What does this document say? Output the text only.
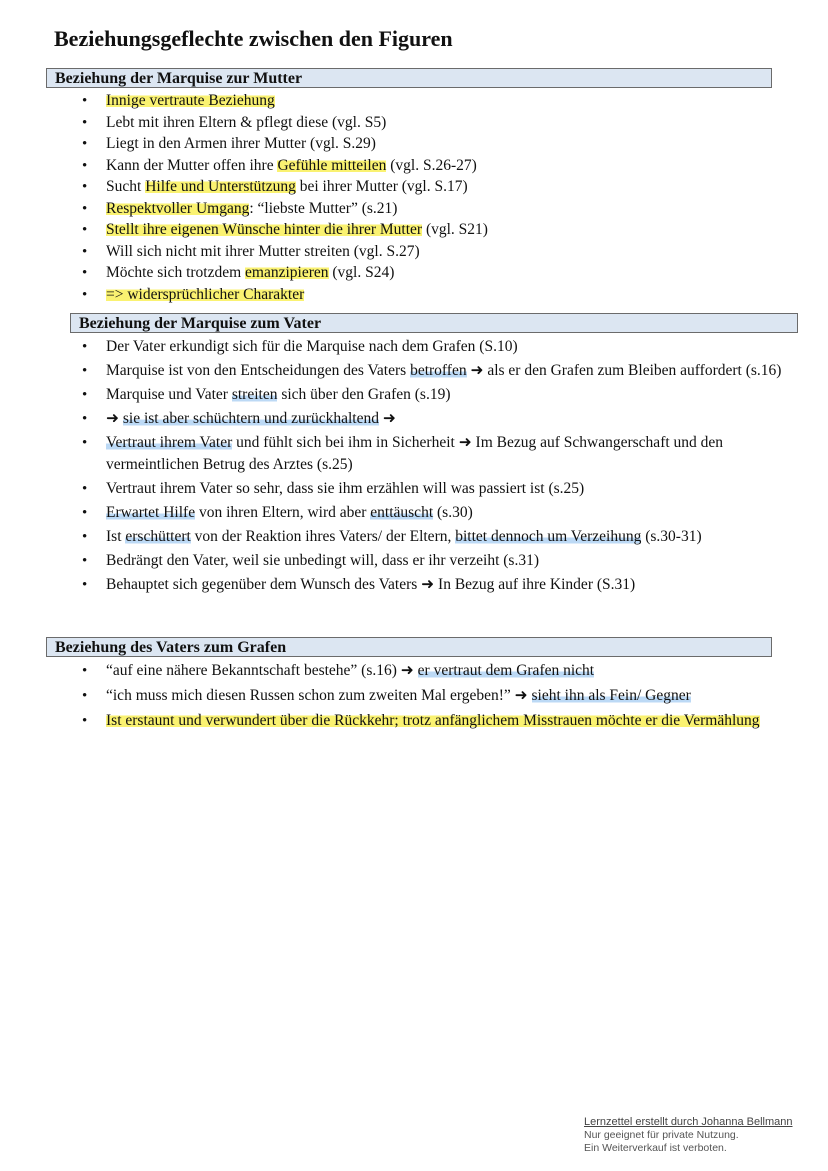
Beziehungsgeflechte zwischen den Figuren
Beziehung der Marquise zur Mutter
• Innige vertraute Beziehung
• Lebt mit ihren Eltern & pflegt diese (vgl. S5)
• Liegt in den Armen ihrer Mutter (vgl. S.29)
• Kann der Mutter offen ihre Gefühle mitteilen (vgl. S.26-27)
• Sucht Hilfe und Unterstützung bei ihrer Mutter (vgl. S.17)
• Respektvoller Umgang: “liebste Mutter” (s.21)
• Stellt ihre eigenen Wünsche hinter die ihrer Mutter (vgl. S21)
• Will sich nicht mit ihrer Mutter streiten (vgl. S.27)
• Möchte sich trotzdem emanzipieren (vgl. S24)
• => widersprüchlicher Charakter
Beziehung der Marquise zum Vater
• Der Vater erkundigt sich für die Marquise nach dem Grafen (S.10)
• Marquise ist von den Entscheidungen des Vaters betroffen ➜ als er den Grafen zum Bleiben auffordert (s.16)
• Marquise und Vater streiten sich über den Grafen (s.19)
• ➜ sie ist aber schüchtern und zurückhaltend ➜
• Vertraut ihrem Vater und fühlt sich bei ihm in Sicherheit ➜ Im Bezug auf Schwangerschaft und den vermeintlichen Betrug des Arztes (s.25)
• Vertraut ihrem Vater so sehr, dass sie ihm erzählen will was passiert ist (s.25)
• Erwartet Hilfe von ihren Eltern, wird aber enttäuscht (s.30)
• Ist erschüttert von der Reaktion ihres Vaters/ der Eltern, bittet dennoch um Verzeihung (s.30-31)
• Bedrängt den Vater, weil sie unbedingt will, dass er ihr verzeiht (s.31)
• Behauptet sich gegenüber dem Wunsch des Vaters ➜ In Bezug auf ihre Kinder (S.31)
Beziehung des Vaters zum Grafen
• “auf eine nähere Bekanntschaft bestehe” (s.16) ➜ er vertraut dem Grafen nicht
• “ich muss mich diesen Russen schon zum zweiten Mal ergeben!” ➜ sieht ihn als Fein/ Gegner
• Ist erstaunt und verwundert über die Rückkehr; trotz anfänglichem Misstrauen möchte er die Vermählung
Lernzettel erstellt durch Johanna Bellmann
Nur geeignet für private Nutzung.
Ein Weiterverkauf ist verboten.
